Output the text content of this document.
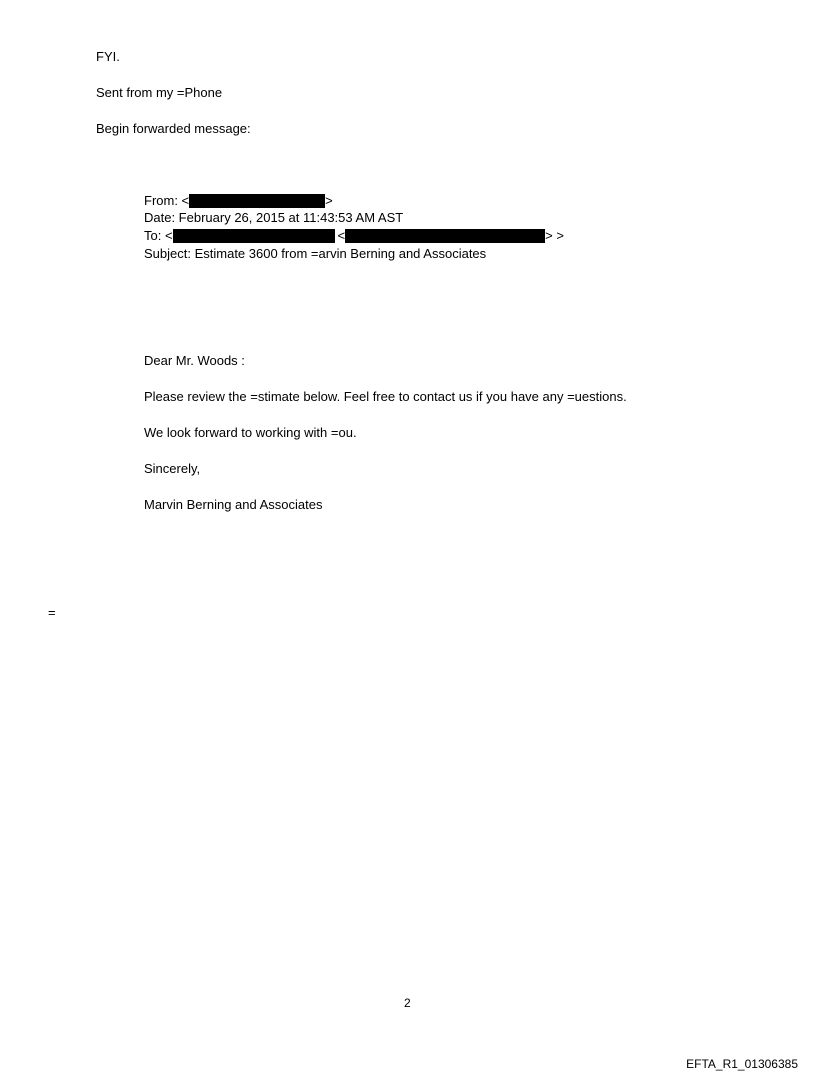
FYI.
Sent from my =Phone
Begin forwarded message:
From: <	>
Date: February 26, 2015 at 11:43:53 AM AST
To: <	<	> >
Subject: Estimate 3600 from =arvin Berning and Associates
Dear Mr. Woods :
Please review the =stimate below. Feel free to contact us if you have any =uestions.
We look forward to working with =ou.
Sincerely,
Marvin Berning and Associates
=
2
EFTA_R1_01306385
